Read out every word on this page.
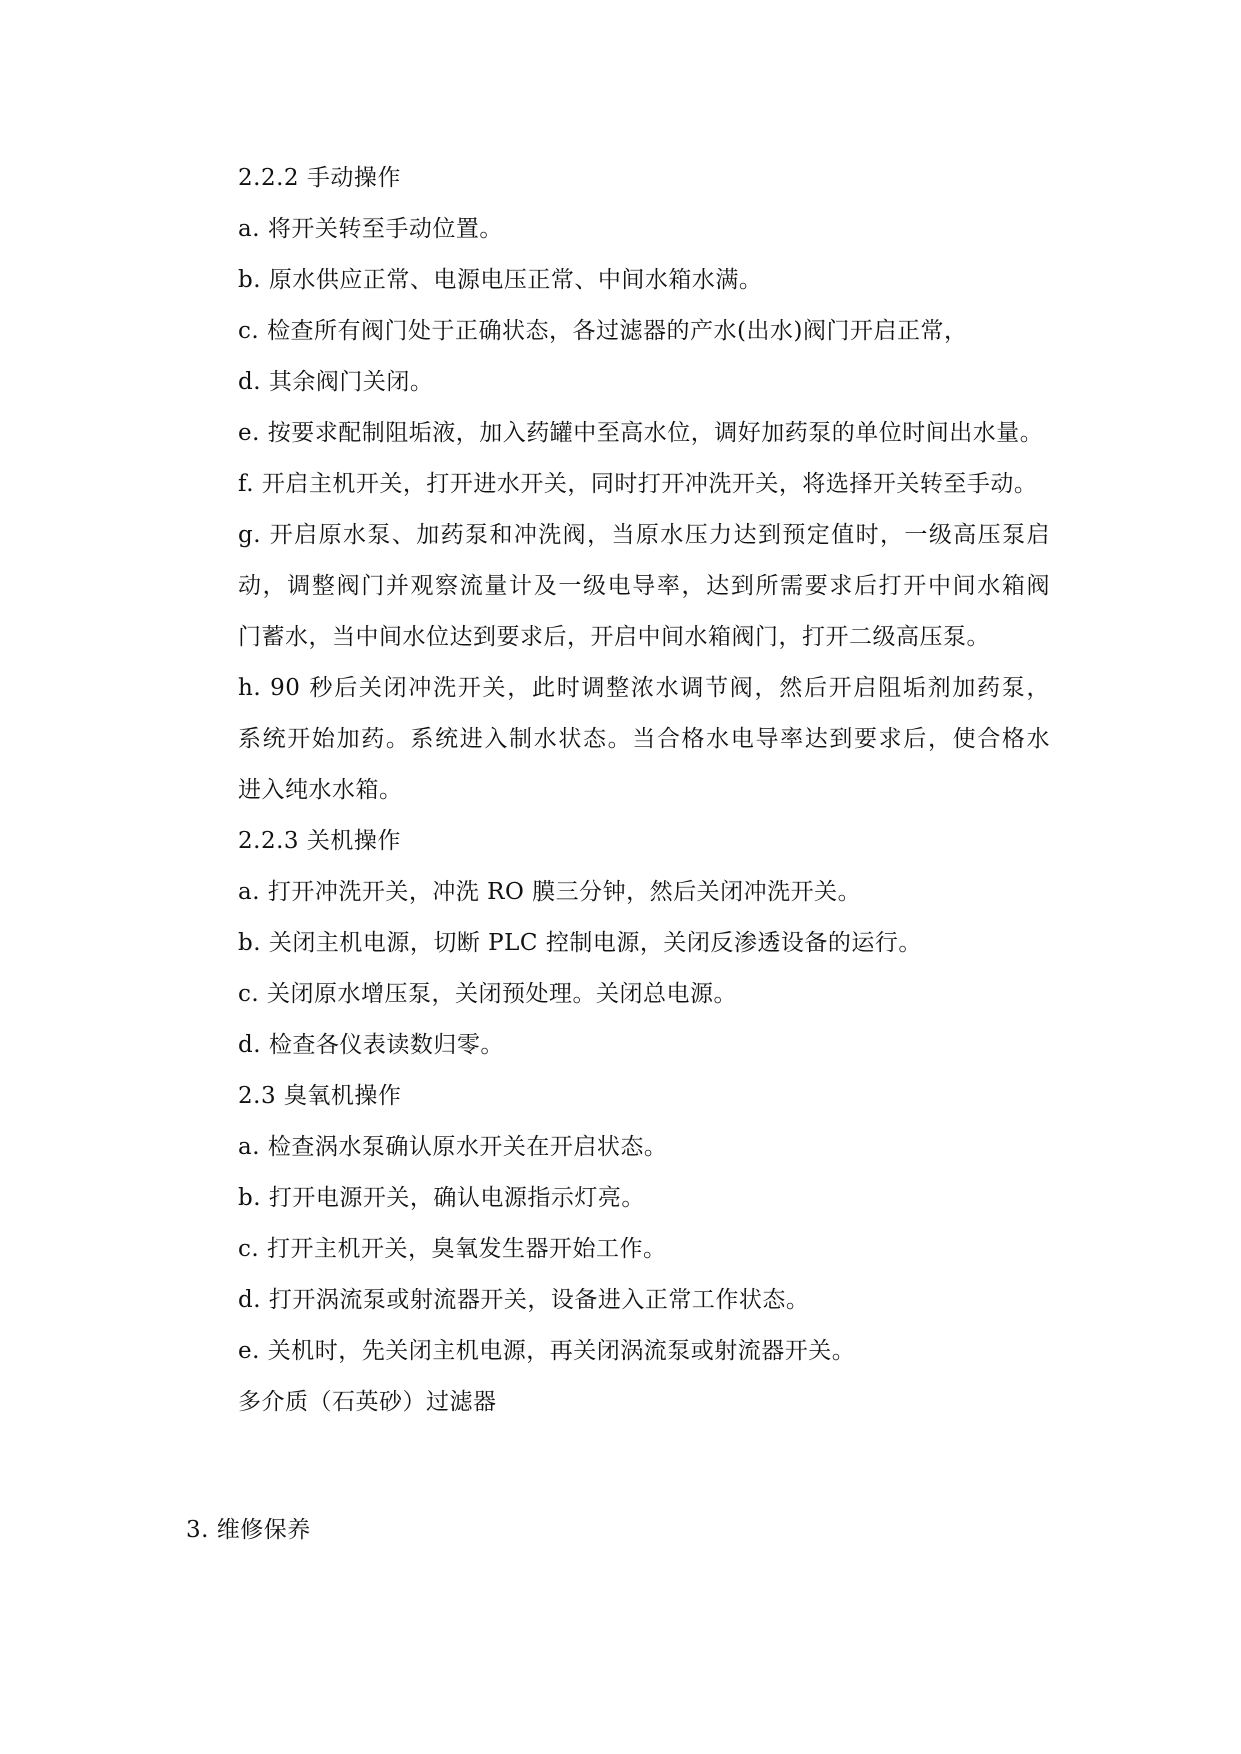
2.2.2 手动操作
a. 将开关转至手动位置。
b. 原水供应正常、电源电压正常、中间水箱水满。
c. 检查所有阀门处于正确状态，各过滤器的产水(出水)阀门开启正常，
d. 其余阀门关闭。
e. 按要求配制阻垢液，加入药罐中至高水位，调好加药泵的单位时间出水量。
f. 开启主机开关，打开进水开关，同时打开冲洗开关，将选择开关转至手动。
g. 开启原水泵、加药泵和冲洗阀，当原水压力达到预定值时，一级高压泵启
动，调整阀门并观察流量计及一级电导率，达到所需要求后打开中间水箱阀
门蓄水，当中间水位达到要求后，开启中间水箱阀门，打开二级高压泵。
h. 90 秒后关闭冲洗开关，此时调整浓水调节阀，然后开启阻垢剂加药泵，
系统开始加药。系统进入制水状态。当合格水电导率达到要求后，使合格水
进入纯水水箱。
2.2.3 关机操作
a. 打开冲洗开关，冲洗 RO 膜三分钟，然后关闭冲洗开关。
b. 关闭主机电源，切断 PLC 控制电源，关闭反渗透设备的运行。
c. 关闭原水增压泵，关闭预处理。关闭总电源。
d. 检查各仪表读数归零。
2.3 臭氧机操作
a. 检查涡水泵确认原水开关在开启状态。
b. 打开电源开关，确认电源指示灯亮。
c. 打开主机开关，臭氧发生器开始工作。
d. 打开涡流泵或射流器开关，设备进入正常工作状态。
e. 关机时，先关闭主机电源，再关闭涡流泵或射流器开关。
多介质（石英砂）过滤器
3. 维修保养
